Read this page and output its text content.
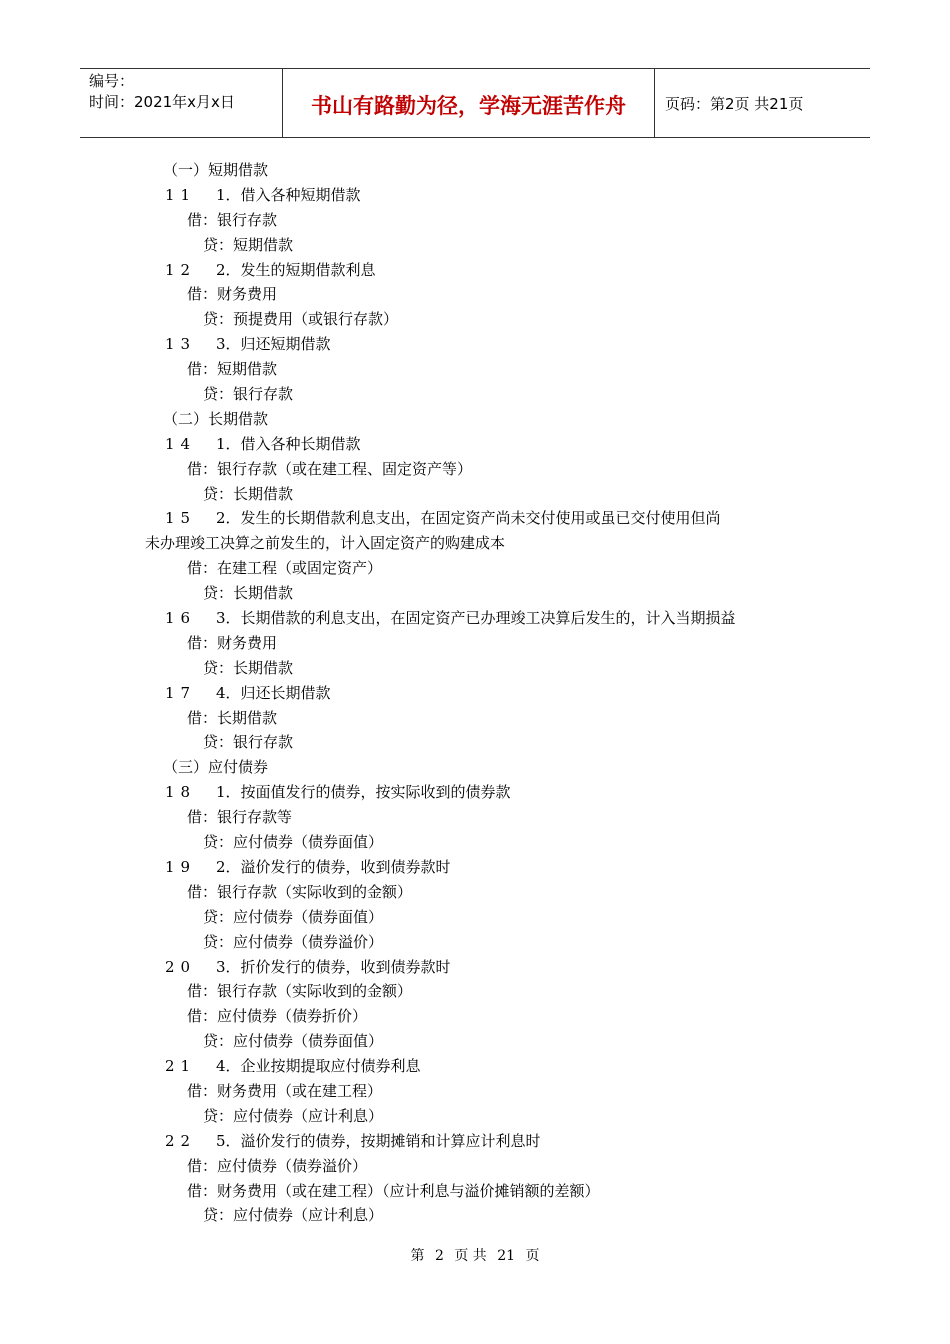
编号：
时间：2021年x月x日	书山有路勤为径，学海无涯苦作舟	页码：第2页 共21页
（一）短期借款
11 1．借入各种短期借款
借：银行存款
贷：短期借款
12 2．发生的短期借款利息
借：财务费用
贷：预提费用（或银行存款）
13 3．归还短期借款
借：短期借款
贷：银行存款
（二）长期借款
14 1．借入各种长期借款
借：银行存款（或在建工程、固定资产等）
贷：长期借款
15 2．发生的长期借款利息支出，在固定资产尚未交付使用或虽已交付使用但尚
未办理竣工决算之前发生的，计入固定资产的购建成本
借：在建工程（或固定资产）
贷：长期借款
16 3．长期借款的利息支出，在固定资产已办理竣工决算后发生的，计入当期损益
借：财务费用
贷：长期借款
17 4．归还长期借款
借：长期借款
贷：银行存款
（三）应付债券
18 1．按面值发行的债券，按实际收到的债券款
借：银行存款等
贷：应付债券（债券面值）
19 2．溢价发行的债券，收到债券款时
借：银行存款（实际收到的金额）
贷：应付债券（债券面值）
贷：应付债券（债券溢价）
20 3．折价发行的债券，收到债券款时
借：银行存款（实际收到的金额）
借：应付债券（债券折价）
贷：应付债券（债券面值）
21 4．企业按期提取应付债券利息
借：财务费用（或在建工程）
贷：应付债券（应计利息）
22 5．溢价发行的债券，按期摊销和计算应计利息时
借：应付债券（债券溢价）
借：财务费用（或在建工程）（应计利息与溢价摊销额的差额）
贷：应付债券（应计利息）
第 2 页 共 21 页
